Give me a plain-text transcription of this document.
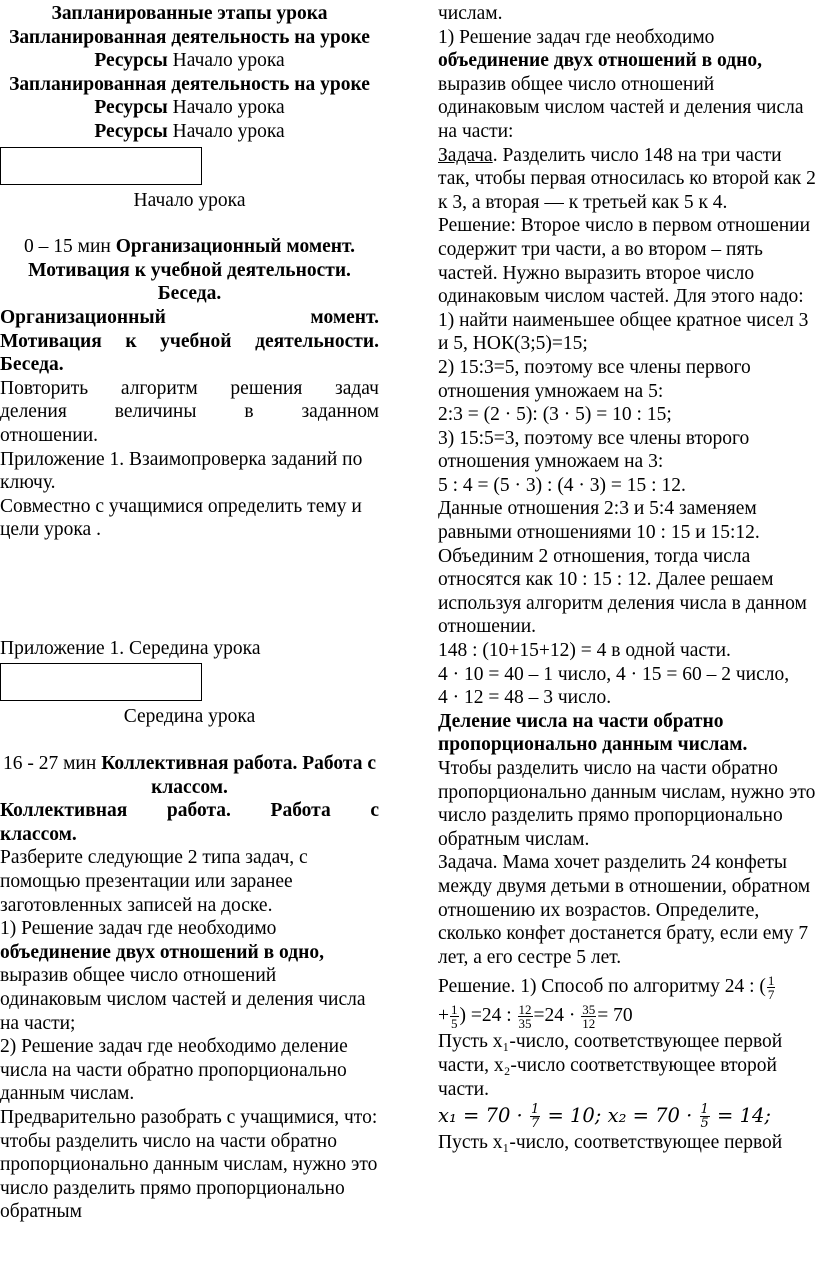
Запланированные этапы урока Запланированная деятельность на уроке
Ресурсы Начало урока
Запланированная деятельность на уроке Ресурсы Начало урока
Ресурсы Начало урока

Начало урока

0 – 15 мин Организационный момент. Мотивация к учебной деятельности. Беседа.

Организационный момент.

Мотивация к учебной деятельности.

Беседа.

Повторить алгоритм решения задач

деления величины в заданном

отношении.

Приложение 1. Взаимопроверка заданий по ключу.

Совместно с учащимися определить тему и цели урока .

Приложение 1. Середина урока

Середина урока

16 - 27 мин Коллективная работа. Работа с классом.

Коллективная работа. Работа с

классом.

Разберите следующие 2 типа задач, с помощью презентации или заранее заготовленных записей на доске.

1) Решение задач где необходимо

объединение двух отношений в одно,

выразив общее число отношений одинаковым числом частей и деления числа на части;

2) Решение задач где необходимо деление числа на части обратно пропорционально данным числам.

Предварительно разобрать с учащимися, что: чтобы разделить число на части обратно пропорционально данным числам, нужно это число разделить прямо пропорционально обратным

числам.

1) Решение задач где необходимо

объединение двух отношений в одно,

выразив общее число отношений одинаковым числом частей и деления числа на части:

Задача. Разделить число 148 на три части так, чтобы первая относилась ко второй как 2 к 3, а вторая — к третьей как 5 к 4.

Решение: Второе число в первом отношении содержит три части, а во втором – пять частей. Нужно выразить второе число одинаковым числом частей. Для этого надо:

1) найти наименьшее общее кратное чисел 3 и 5, НОК(3;5)=15;

2) 15:3=5, поэтому все члены первого отношения умножаем на 5:

2:3 = (2 · 5): (3 · 5) = 10 : 15;

3) 15:5=3, поэтому все члены второго отношения умножаем на 3:

5 : 4 = (5 · 3) : (4 · 3) = 15 : 12.

Данные отношения 2:3 и 5:4 заменяем равными отношениями 10 : 15 и 15:12. Объединим 2 отношения, тогда числа относятся как 10 : 15 : 12. Далее решаем используя алгоритм деления числа в данном отношении.

148 : (10+15+12) = 4 в одной части.

4 · 10 = 40 – 1 число, 4 · 15 = 60 – 2 число,

4 · 12 = 48 – 3 число.

Деление числа на части обратно пропорционально данным числам.

Чтобы разделить число на части обратно пропорционально данным числам, нужно это число разделить прямо пропорционально обратным числам.

Задача. Мама хочет разделить 24 конфеты между двумя детьми в отношении, обратном отношению их возрастов. Определите, сколько конфет достанется брату, если ему 7 лет, а его сестре 5 лет.

Решение. 1) Способ по алгоритму 24 : ( $\frac{1}{7}$

+ $\frac{1}{5}$ ) =24 : $\frac{12}{35} =24 \cdot \frac{35}{12} = 70$

Пусть х₁-число, соответствующее первой части, х₂-число соответствующее второй части.

$x_1 = 70 \cdot \frac{1}{7} = 10$; $x_2 = 70 \cdot \frac{1}{5} = 14$;

Пусть х₁-число, соответствующее первой
